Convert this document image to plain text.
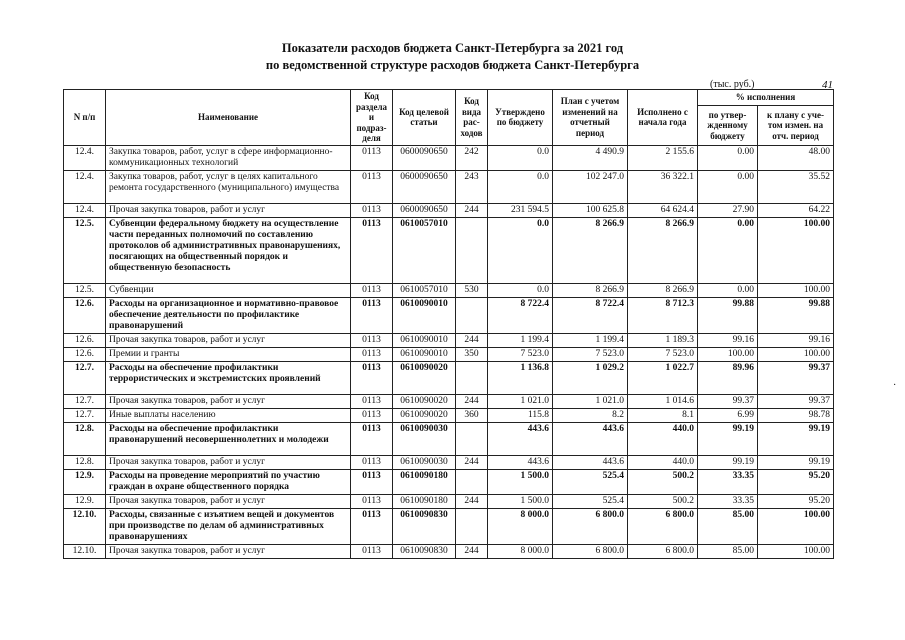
Показатели расходов бюджета Санкт-Петербурга за 2021 год
по ведомственной структуре расходов бюджета Санкт-Петербурга
(тыс. руб.)	41
N п/п	Наименование	Код раздела и подраз- деля	Код целевой статьи	Код вида рас- ходов	Утверждено по бюджету	План с учетом изменений на отчетный период	Исполнено с начала года	% исполнения	
								по утвер- жденному бюджету	к плану с уче- том измен. на отч. период
12.4.	Закупка товаров, работ, услуг в сфере информационно-коммуникационных технологий	0113	0600090650	242	0.0	4 490.9	2 155.6	0.00	48.00
12.4.	Закупка товаров, работ, услуг в целях капитального ремонта государственного (муниципального) имущества	0113	0600090650	243	0.0	102 247.0	36 322.1	0.00	35.52
12.4.	Прочая закупка товаров, работ и услуг	0113	0600090650	244	231 594.5	100 625.8	64 624.4	27.90	64.22
12.5.	Субвенции федеральному бюджету на осуществление части переданных полномочий по составлению протоколов об административных правонарушениях, посягающих на общественный порядок и общественную безопасность	0113	0610057010		0.0	8 266.9	8 266.9	0.00	100.00
12.5.	Субвенции	0113	0610057010	530	0.0	8 266.9	8 266.9	0.00	100.00
12.6.	Расходы на организационное и нормативно-правовое обеспечение деятельности по профилактике правонарушений	0113	0610090010		8 722.4	8 722.4	8 712.3	99.88	99.88
12.6.	Прочая закупка товаров, работ и услуг	0113	0610090010	244	1 199.4	1 199.4	1 189.3	99.16	99.16
12.6.	Премии и гранты	0113	0610090010	350	7 523.0	7 523.0	7 523.0	100.00	100.00
12.7.	Расходы на обеспечение профилактики террористических и экстремистских проявлений	0113	0610090020		1 136.8	1 029.2	1 022.7	89.96	99.37
12.7.	Прочая закупка товаров, работ и услуг	0113	0610090020	244	1 021.0	1 021.0	1 014.6	99.37	99.37
12.7.	Иные выплаты населению	0113	0610090020	360	115.8	8.2	8.1	6.99	98.78
12.8.	Расходы на обеспечение профилактики правонарушений несовершеннолетних и молодежи	0113	0610090030		443.6	443.6	440.0	99.19	99.19
12.8.	Прочая закупка товаров, работ и услуг	0113	0610090030	244	443.6	443.6	440.0	99.19	99.19
12.9.	Расходы на проведение мероприятий по участию граждан в охране общественного порядка	0113	0610090180		1 500.0	525.4	500.2	33.35	95.20
12.9.	Прочая закупка товаров, работ и услуг	0113	0610090180	244	1 500.0	525.4	500.2	33.35	95.20
12.10.	Расходы, связанные с изъятием вещей и документов при производстве по делам об административных правонарушениях	0113	0610090830		8 000.0	6 800.0	6 800.0	85.00	100.00
12.10.	Прочая закупка товаров, работ и услуг	0113	0610090830	244	8 000.0	6 800.0	6 800.0	85.00	100.00
·
